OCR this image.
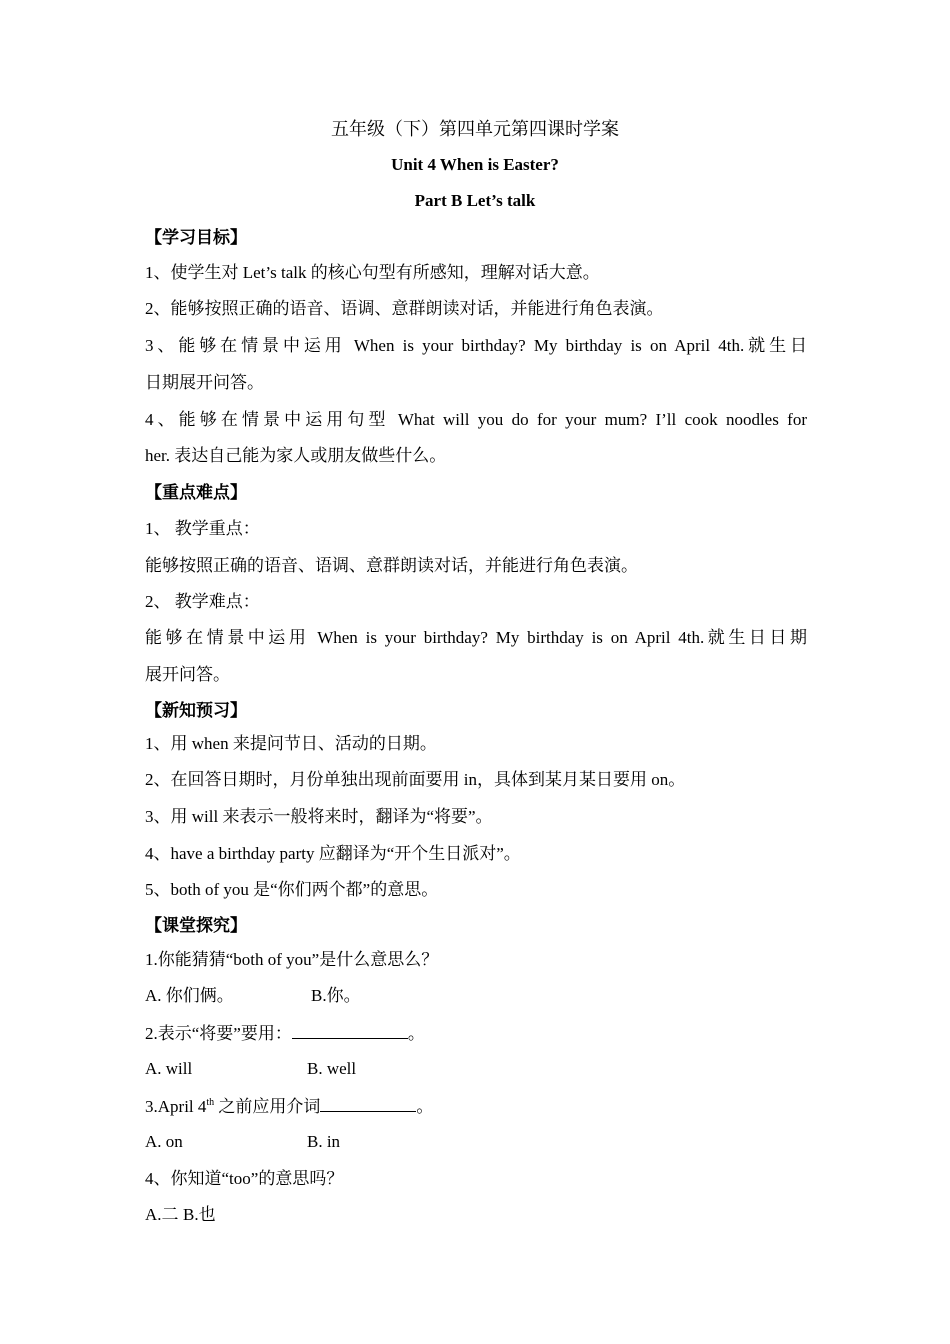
五年级（下）第四单元第四课时学案
Unit 4 When is Easter?
Part B Let’s talk
【学习目标】
1、使学生对 Let’s talk 的核心句型有所感知，理解对话大意。
2、能够按照正确的语音、语调、意群朗读对话，并能进行角色表演。
3、能够在情景中运用 When is your birthday? My birthday is on April 4th.就生日
日期展开问答。
4、能够在情景中运用句型 What will you do for your mum? I’ll cook noodles for
her. 表达自己能为家人或朋友做些什么。
【重点难点】
1、 教学重点：
能够按照正确的语音、语调、意群朗读对话，并能进行角色表演。
2、 教学难点：
能够在情景中运用 When is your birthday? My birthday is on April 4th.就生日日期
展开问答。
【新知预习】
1、用 when 来提问节日、活动的日期。
2、在回答日期时，月份单独出现前面要用 in，具体到某月某日要用 on。
3、用 will 来表示一般将来时，翻译为“将要”。
4、have a birthday party 应翻译为“开个生日派对”。
5、both of you 是“你们两个都”的意思。
【课堂探究】
1.你能猜猜“both of you”是什么意思么？
A. 你们俩。	B.你。
2.表示“将要”要用：	。
A. will	B. well
3.April 4th 之前应用介词	。
A. on	B. in
4、你知道“too”的意思吗？
A.二 B.也
